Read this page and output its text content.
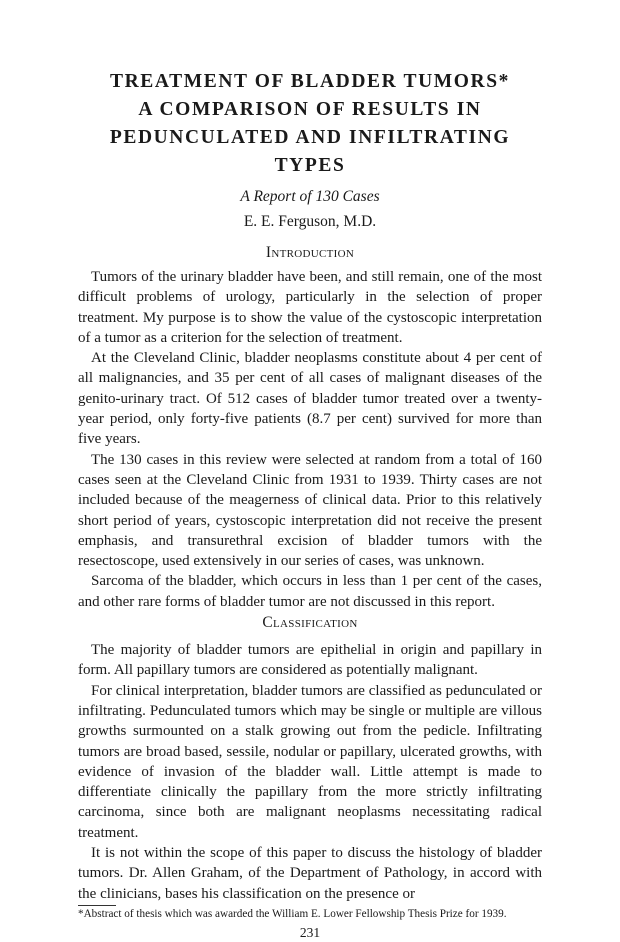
TREATMENT OF BLADDER TUMORS*

A COMPARISON OF RESULTS IN

PEDUNCULATED AND INFILTRATING TYPES

A Report of 130 Cases

E. E. Ferguson, M.D.

Introduction

Tumors of the urinary bladder have been, and still remain, one of the most difficult problems of urology, particularly in the selection of proper treatment. My purpose is to show the value of the cystoscopic interpretation of a tumor as a criterion for the selection of treatment.

At the Cleveland Clinic, bladder neoplasms constitute about 4 per cent of all malignancies, and 35 per cent of all cases of malignant diseases of the genito-urinary tract. Of 512 cases of bladder tumor treated over a twenty-year period, only forty-five patients (8.7 per cent) survived for more than five years.

The 130 cases in this review were selected at random from a total of 160 cases seen at the Cleveland Clinic from 1931 to 1939. Thirty cases are not included because of the meagerness of clinical data. Prior to this relatively short period of years, cystoscopic interpretation did not receive the present emphasis, and transurethral excision of bladder tumors with the resectoscope, used extensively in our series of cases, was unknown.

Sarcoma of the bladder, which occurs in less than 1 per cent of the cases, and other rare forms of bladder tumor are not discussed in this report.

Classification

The majority of bladder tumors are epithelial in origin and papillary in form. All papillary tumors are considered as potentially malignant.

For clinical interpretation, bladder tumors are classified as pedunculated or infiltrating. Pedunculated tumors which may be single or multiple are villous growths surmounted on a stalk growing out from the pedicle. Infiltrating tumors are broad based, sessile, nodular or papillary, ulcerated growths, with evidence of invasion of the bladder wall. Little attempt is made to differentiate clinically the papillary from the more strictly infiltrating carcinoma, since both are malignant neoplasms necessitating radical treatment.

It is not within the scope of this paper to discuss the histology of bladder tumors. Dr. Allen Graham, of the Department of Pathology, in accord with the clinicians, bases his classification on the presence or

*Abstract of thesis which was awarded the William E. Lower Fellowship Thesis Prize for 1939.

231
